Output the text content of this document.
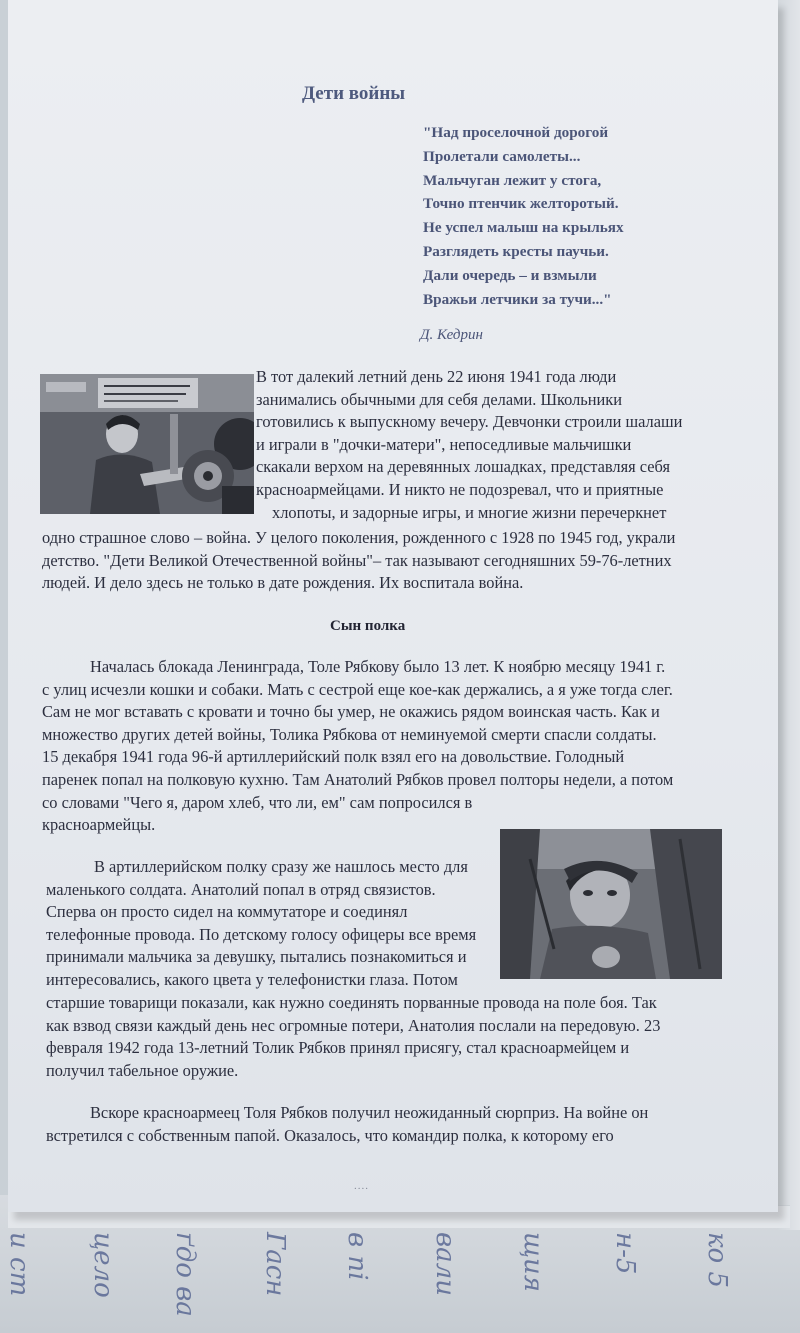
и ст цело ґдо ва Гасн в пі вали щия н-5 ко 5
Дети войны
"Над проселочной дорогой
Пролетали самолеты...
Мальчуган лежит у стога,
Точно птенчик желторотый.
Не успел малыш на крыльях
Разглядеть кресты паучьи.
Дали очередь – и взмыли
Вражьи летчики за тучи..."
Д. Кедрин

В тот далекий летний день 22 июня 1941 года люди

занимались обычными для себя делами. Школьники

готовились к выпускному вечеру. Девчонки строили шалаши

и играли в "дочки-матери", непоседливые мальчишки

скакали верхом на деревянных лошадках, представляя себя

красноармейцами. И никто не подозревал, что и приятные

хлопоты, и задорные игры, и многие жизни перечеркнет

одно страшное слово – война. У целого поколения, рожденного с 1928 по 1945 год, украли

детство. "Дети Великой Отечественной войны"– так называют сегодняшних 59-76-летних

людей. И дело здесь не только в дате рождения. Их воспитала война.

Сын полка

Началась блокада Ленинграда, Толе Рябкову было 13 лет. К ноябрю месяцу 1941 г.

с улиц исчезли кошки и собаки. Мать с сестрой еще кое-как держались, а я уже тогда слег.

Сам не мог вставать с кровати и точно бы умер, не окажись рядом воинская часть. Как и

множество других детей войны, Толика Рябкова от неминуемой смерти спасли солдаты.

15 декабря 1941 года 96-й артиллерийский полк взял его на довольствие. Голодный

паренек попал на полковую кухню. Там Анатолий Рябков провел полторы недели, а потом

со словами "Чего я, даром хлеб, что ли, ем" сам попросился в

красноармейцы.

В артиллерийском полку сразу же нашлось место для

маленького солдата. Анатолий попал в отряд связистов.

Сперва он просто сидел на коммутаторе и соединял

телефонные провода. По детскому голосу офицеры все время

принимали мальчика за девушку, пытались познакомиться и

интересовались, какого цвета у телефонистки глаза. Потом

старшие товарищи показали, как нужно соединять порванные провода на поле боя. Так

как взвод связи каждый день нес огромные потери, Анатолия послали на передовую. 23

февраля 1942 года 13-летний Толик Рябков принял присягу, стал красноармейцем и

получил табельное оружие.

Вскоре красноармеец Толя Рябков получил неожиданный сюрприз. На войне он

встретился с собственным папой. Оказалось, что командир полка, к которому его

....
